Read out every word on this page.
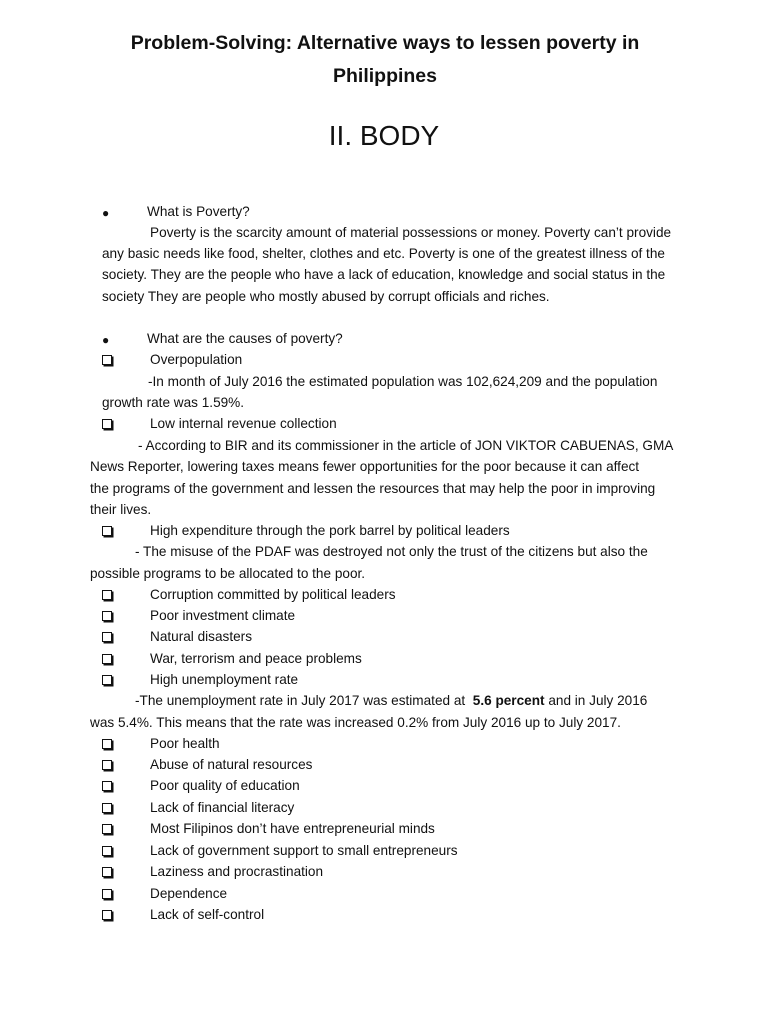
Problem-Solving: Alternative ways to lessen poverty in
Philippines
II. BODY
●	What is Poverty?
Poverty is the scarcity amount of material possessions or money. Poverty can’t provide
any basic needs like food, shelter, clothes and etc. Poverty is one of the greatest illness of the
society. They are the people who have a lack of education, knowledge and social status in the
society They are people who mostly abused by corrupt officials and riches.
●	What are the causes of poverty?
Overpopulation
-In month of July 2016 the estimated population was 102,624,209 and the population
growth rate was 1.59%.
Low internal revenue collection
- According to BIR and its commissioner in the article of JON VIKTOR CABUENAS, GMA
News Reporter, lowering taxes means fewer opportunities for the poor because it can affect
the programs of the government and lessen the resources that may help the poor in improving
their lives.
High expenditure through the pork barrel by political leaders
- The misuse of the PDAF was destroyed not only the trust of the citizens but also the
possible programs to be allocated to the poor.
Corruption committed by political leaders
Poor investment climate
Natural disasters
War, terrorism and peace problems
High unemployment rate
-The unemployment rate in July 2017 was estimated at 5.6 percent and in July 2016
was 5.4%. This means that the rate was increased 0.2% from July 2016 up to July 2017.
Poor health
Abuse of natural resources
Poor quality of education
Lack of financial literacy
Most Filipinos don’t have entrepreneurial minds
Lack of government support to small entrepreneurs
Laziness and procrastination
Dependence
Lack of self-control
